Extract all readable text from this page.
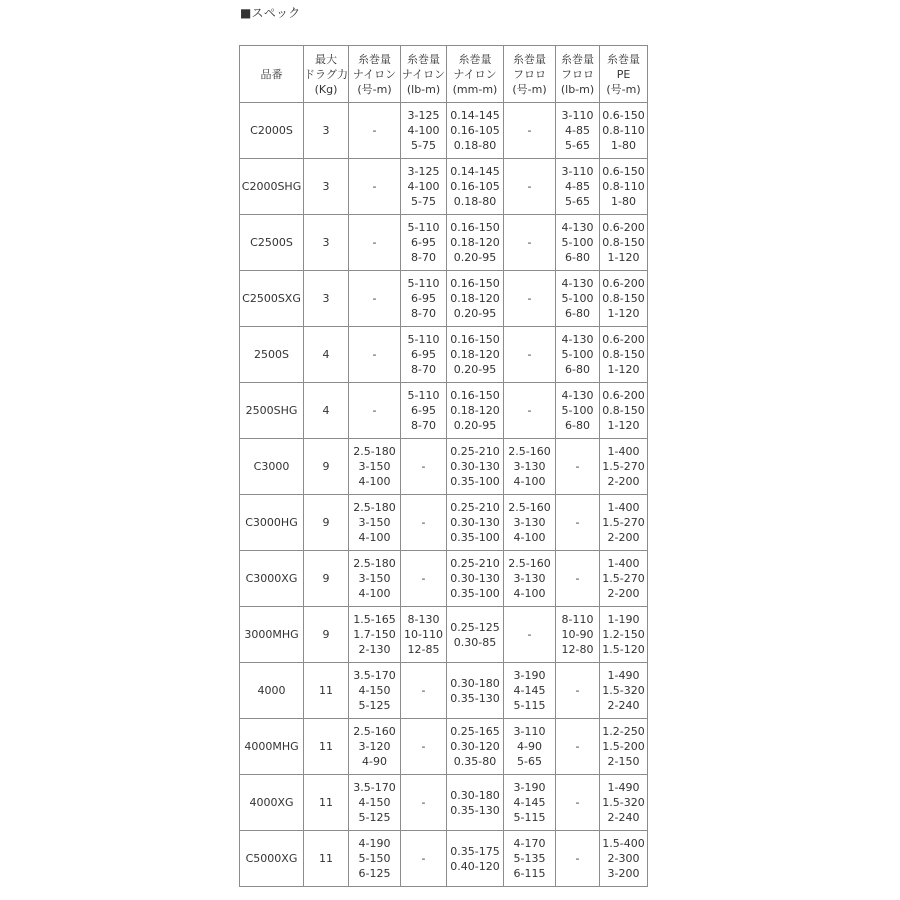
■スペック
品番	最大
ドラグ力
(Kg)	糸巻量
ナイロン
(号-m)	糸巻量
ナイロン
(lb-m)	糸巻量
ナイロン
(mm-m)	糸巻量
フロロ
(号-m)	糸巻量
フロロ
(lb-m)	糸巻量
PE
(号-m)

C2000S	3	-	3-125
4-100
5-75	0.14-145
0.16-105
0.18-80	-	3-110
4-85
5-65	0.6-150
0.8-110
1-80

C2000SHG	3	-	3-125
4-100
5-75	0.14-145
0.16-105
0.18-80	-	3-110
4-85
5-65	0.6-150
0.8-110
1-80

C2500S	3	-	5-110
6-95
8-70	0.16-150
0.18-120
0.20-95	-	4-130
5-100
6-80	0.6-200
0.8-150
1-120

C2500SXG	3	-	5-110
6-95
8-70	0.16-150
0.18-120
0.20-95	-	4-130
5-100
6-80	0.6-200
0.8-150
1-120

2500S	4	-	5-110
6-95
8-70	0.16-150
0.18-120
0.20-95	-	4-130
5-100
6-80	0.6-200
0.8-150
1-120

2500SHG	4	-	5-110
6-95
8-70	0.16-150
0.18-120
0.20-95	-	4-130
5-100
6-80	0.6-200
0.8-150
1-120

C3000	9	2.5-180
3-150
4-100	-	0.25-210
0.30-130
0.35-100	2.5-160
3-130
4-100	-	1-400
1.5-270
2-200

C3000HG	9	2.5-180
3-150
4-100	-	0.25-210
0.30-130
0.35-100	2.5-160
3-130
4-100	-	1-400
1.5-270
2-200

C3000XG	9	2.5-180
3-150
4-100	-	0.25-210
0.30-130
0.35-100	2.5-160
3-130
4-100	-	1-400
1.5-270
2-200

3000MHG	9	1.5-165
1.7-150
2-130	8-130
10-110
12-85	0.25-125
0.30-85	-	8-110
10-90
12-80	1-190
1.2-150
1.5-120

4000	11	3.5-170
4-150
5-125	-	0.30-180
0.35-130	3-190
4-145
5-115	-	1-490
1.5-320
2-240

4000MHG	11	2.5-160
3-120
4-90	-	0.25-165
0.30-120
0.35-80	3-110
4-90
5-65	-	1.2-250
1.5-200
2-150

4000XG	11	3.5-170
4-150
5-125	-	0.30-180
0.35-130	3-190
4-145
5-115	-	1-490
1.5-320
2-240

C5000XG	11	4-190
5-150
6-125	-	0.35-175
0.40-120	4-170
5-135
6-115	-	1.5-400
2-300
3-200
